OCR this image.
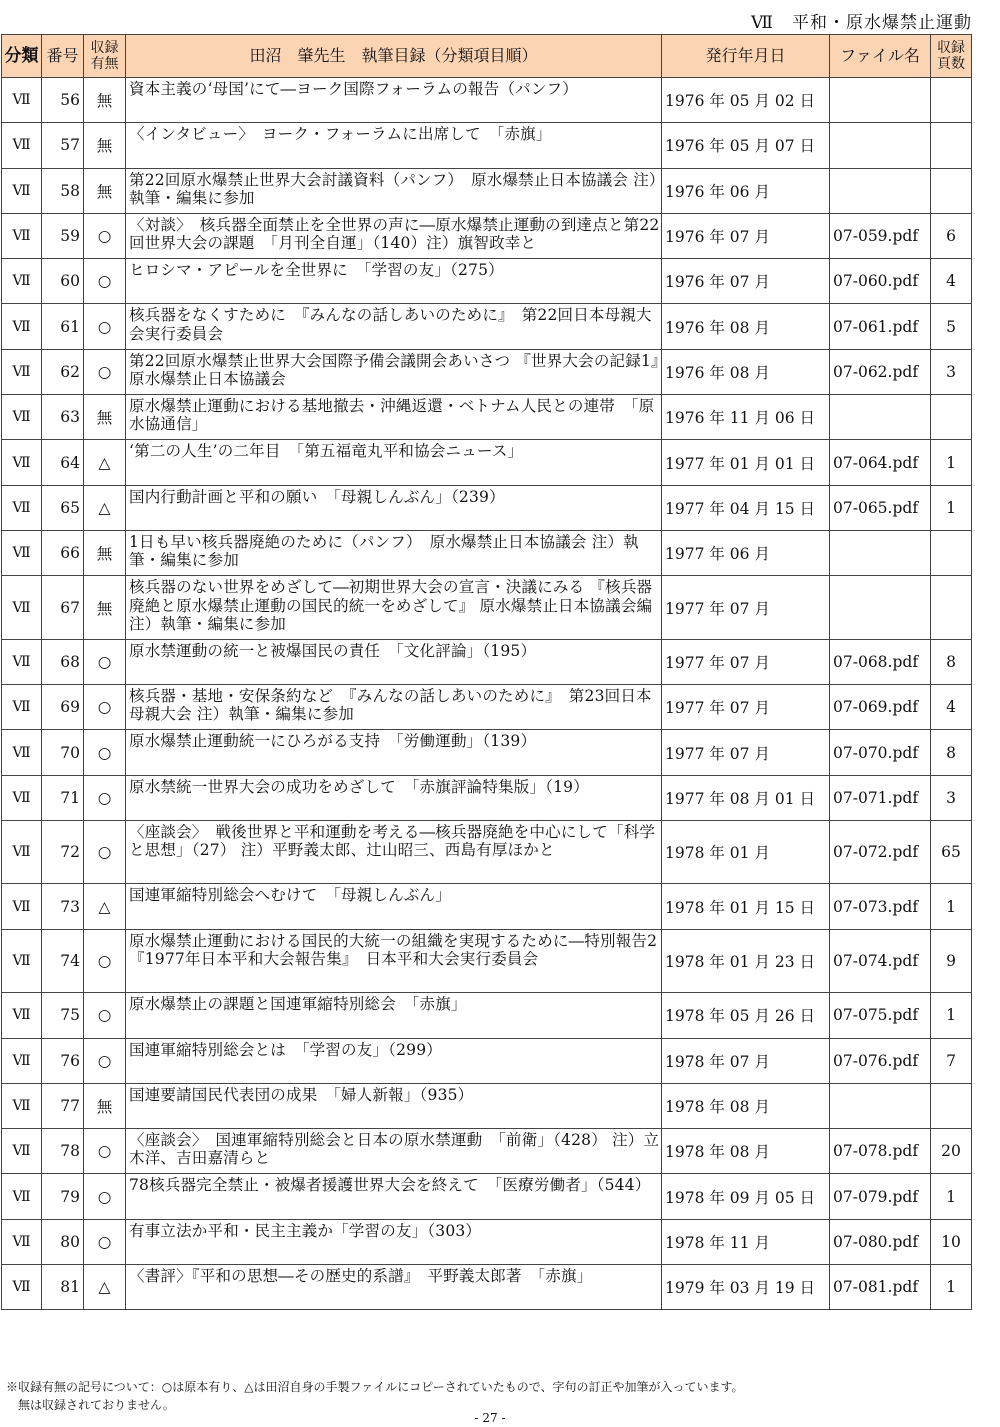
Ⅶ　平和・原水爆禁止運動
分類	番号	収録有無	田沼　肇先生　執筆目録（分類項目順）	発行年月日	ファイル名	収録頁数
Ⅶ	56	無	資本主義の‘母国’にて―ヨーク国際フォーラムの報告（パンフ）	1976 年 05 月 02 日		
Ⅶ	57	無	〈インタビュー〉　ヨーク・フォーラムに出席して　「赤旗」	1976 年 05 月 07 日		
Ⅶ	58	無	第22回原水爆禁止世界大会討議資料（パンフ）　原水爆禁止日本協議会 注）執筆・編集に参加	1976 年 06 月		
Ⅶ	59	○	〈対談〉　核兵器全面禁止を全世界の声に―原水爆禁止運動の到達点と第22回世界大会の課題　「月刊全自運」（140）注）旗智政幸と	1976 年 07 月	07-059.pdf	6
Ⅶ	60	○	ヒロシマ・アピールを全世界に　「学習の友」（275）	1976 年 07 月	07-060.pdf	4
Ⅶ	61	○	核兵器をなくすために　『みんなの話しあいのために』　第22回日本母親大会実行委員会	1976 年 08 月	07-061.pdf	5
Ⅶ	62	○	第22回原水爆禁止世界大会国際予備会議開会あいさつ 『世界大会の記録1』　原水爆禁止日本協議会	1976 年 08 月	07-062.pdf	3
Ⅶ	63	無	原水爆禁止運動における基地撤去・沖縄返還・ベトナム人民との連帯　「原水協通信」	1976 年 11 月 06 日		
Ⅶ	64	△	‘第二の人生’の二年目　「第五福竜丸平和協会ニュース」	1977 年 01 月 01 日	07-064.pdf	1
Ⅶ	65	△	国内行動計画と平和の願い　「母親しんぶん」（239）	1977 年 04 月 15 日	07-065.pdf	1
Ⅶ	66	無	1日も早い核兵器廃絶のために（パンフ）　原水爆禁止日本協議会 注）執筆・編集に参加	1977 年 06 月		
Ⅶ	67	無	核兵器のない世界をめざして―初期世界大会の宣言・決議にみる 『核兵器廃絶と原水爆禁止運動の国民的統一をめざして』 原水爆禁止日本協議会編 注）執筆・編集に参加	1977 年 07 月		
Ⅶ	68	○	原水禁運動の統一と被爆国民の責任　「文化評論」（195）	1977 年 07 月	07-068.pdf	8
Ⅶ	69	○	核兵器・基地・安保条約など　『みんなの話しあいのために』　第23回日本母親大会 注）執筆・編集に参加	1977 年 07 月	07-069.pdf	4
Ⅶ	70	○	原水爆禁止運動統一にひろがる支持　「労働運動」（139）	1977 年 07 月	07-070.pdf	8
Ⅶ	71	○	原水禁統一世界大会の成功をめざして　「赤旗評論特集版」（19）	1977 年 08 月 01 日	07-071.pdf	3
Ⅶ	72	○	〈座談会〉　戦後世界と平和運動を考える―核兵器廃絶を中心にして「科学と思想」（27） 注）平野義太郎、辻山昭三、西島有厚ほかと	1978 年 01 月	07-072.pdf	65
Ⅶ	73	△	国連軍縮特別総会へむけて　「母親しんぶん」	1978 年 01 月 15 日	07-073.pdf	1
Ⅶ	74	○	原水爆禁止運動における国民的大統一の組織を実現するために―特別報告2　『1977年日本平和大会報告集』　日本平和大会実行委員会	1978 年 01 月 23 日	07-074.pdf	9
Ⅶ	75	○	原水爆禁止の課題と国連軍縮特別総会　「赤旗」	1978 年 05 月 26 日	07-075.pdf	1
Ⅶ	76	○	国連軍縮特別総会とは　「学習の友」（299）	1978 年 07 月	07-076.pdf	7
Ⅶ	77	無	国連要請国民代表団の成果　「婦人新報」（935）	1978 年 08 月		
Ⅶ	78	○	〈座談会〉　国連軍縮特別総会と日本の原水禁運動　「前衛」（428） 注）立木洋、吉田嘉清らと	1978 年 08 月	07-078.pdf	20
Ⅶ	79	○	78核兵器完全禁止・被爆者援護世界大会を終えて　「医療労働者」（544）	1978 年 09 月 05 日	07-079.pdf	1
Ⅶ	80	○	有事立法か平和・民主主義か「学習の友」（303）	1978 年 11 月	07-080.pdf	10
Ⅶ	81	△	〈書評〉『平和の思想―その歴史的系譜』　平野義太郎著　「赤旗」	1979 年 03 月 19 日	07-081.pdf	1
※収録有無の記号について：○は原本有り、△は田沼自身の手製ファイルにコピーされていたもので、字句の訂正や加筆が入っています。
無は収録されておりません。
- 27 -
